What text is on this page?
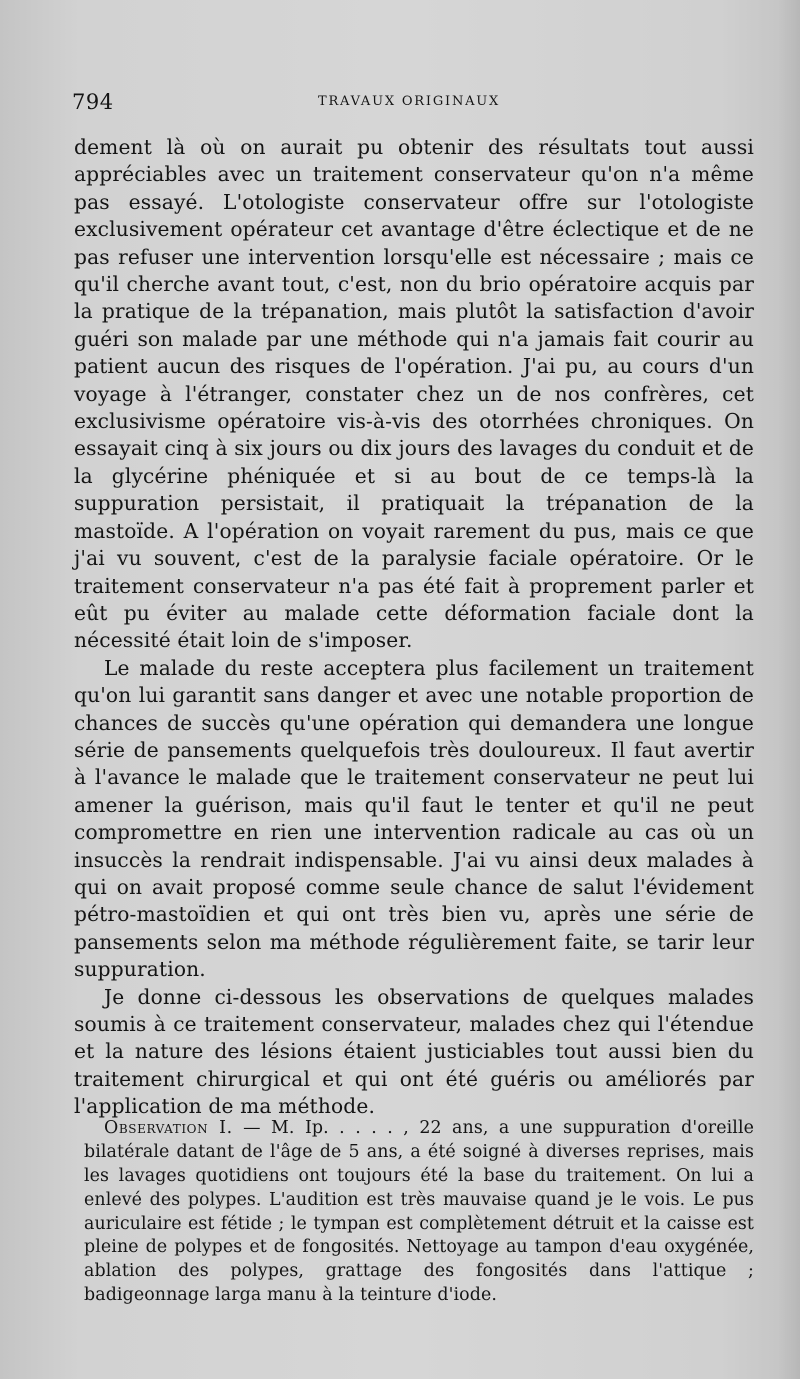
794	TRAVAUX ORIGINAUX

dement là où on aurait pu obtenir des résultats tout aussi appréciables avec un traitement conservateur qu'on n'a même pas essayé. L'otologiste conservateur offre sur l'otologiste exclusivement opérateur cet avantage d'être éclectique et de ne pas refuser une intervention lorsqu'elle est nécessaire ; mais ce qu'il cherche avant tout, c'est, non du brio opératoire acquis par la pratique de la trépanation, mais plutôt la satisfaction d'avoir guéri son malade par une méthode qui n'a jamais fait courir au patient aucun des risques de l'opération. J'ai pu, au cours d'un voyage à l'étranger, constater chez un de nos confrères, cet exclusivisme opératoire vis-à-vis des otorrhées chroniques. On essayait cinq à six jours ou dix jours des lavages du conduit et de la glycérine phéniquée et si au bout de ce temps-là la suppuration persistait, il pratiquait la trépanation de la mastoïde. A l'opération on voyait rarement du pus, mais ce que j'ai vu souvent, c'est de la paralysie faciale opératoire. Or le traitement conservateur n'a pas été fait à proprement parler et eût pu éviter au malade cette déformation faciale dont la nécessité était loin de s'imposer.

Le malade du reste acceptera plus facilement un traitement qu'on lui garantit sans danger et avec une notable proportion de chances de succès qu'une opération qui demandera une longue série de pansements quelquefois très douloureux. Il faut avertir à l'avance le malade que le traitement conservateur ne peut lui amener la guérison, mais qu'il faut le tenter et qu'il ne peut compromettre en rien une intervention radicale au cas où un insuccès la rendrait indispensable. J'ai vu ainsi deux malades à qui on avait proposé comme seule chance de salut l'évidement pétro-mastoïdien et qui ont très bien vu, après une série de pansements selon ma méthode régulièrement faite, se tarir leur suppuration.

Je donne ci-dessous les observations de quelques malades soumis à ce traitement conservateur, malades chez qui l'étendue et la nature des lésions étaient justiciables tout aussi bien du traitement chirurgical et qui ont été guéris ou améliorés par l'application de ma méthode.

Observation I. — M. Ip. . . . . , 22 ans, a une suppuration d'oreille bilatérale datant de l'âge de 5 ans, a été soigné à diverses reprises, mais les lavages quotidiens ont toujours été la base du traitement. On lui a enlevé des polypes. L'audition est très mauvaise quand je le vois. Le pus auriculaire est fétide ; le tympan est complètement détruit et la caisse est pleine de polypes et de fongosités. Nettoyage au tampon d'eau oxygénée, ablation des polypes, grattage des fongosités dans l'attique ; badigeonnage larga manu à la teinture d'iode.
